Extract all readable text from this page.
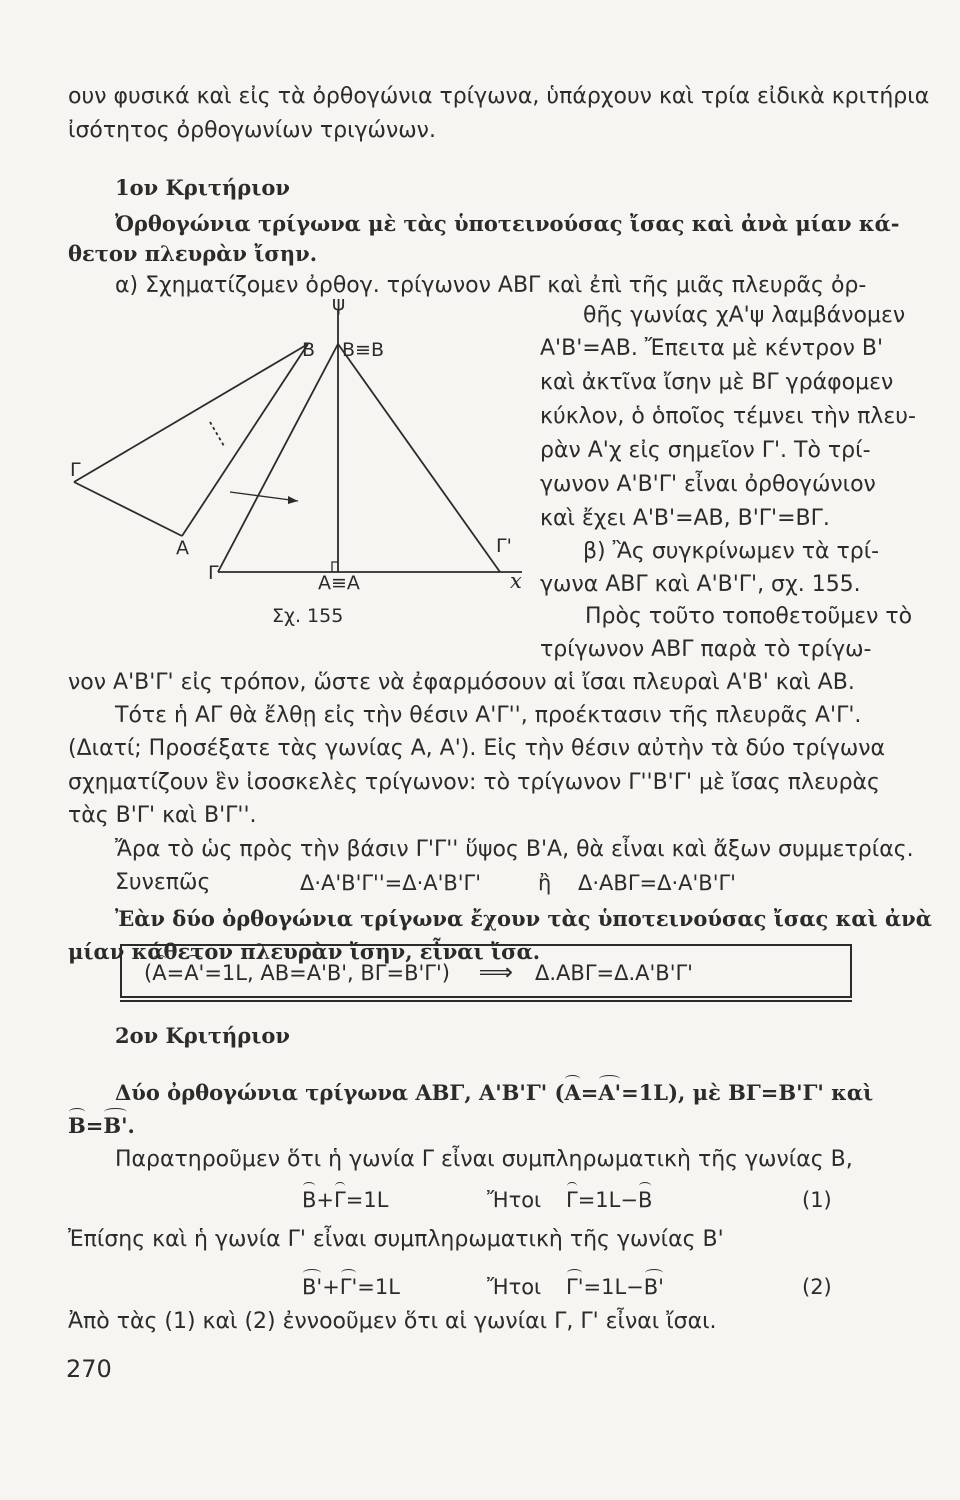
ουν φυσικά καὶ εἰς τὰ ὀρθογώνια τρίγωνα, ὑπάρχουν καὶ τρία εἰδικὰ κριτήρια
ἰσότητος ὀρθογωνίων τριγώνων.
1ον Κριτήριον
Ὀρθογώνια τρίγωνα μὲ τὰς ὑποτεινούσας ἴσας καὶ ἀνὰ μίαν κά-
θετον πλευρὰν ἴσην.
α) Σχηματίζομεν ὀρθογ. τρίγωνον ΑΒΓ καὶ ἐπὶ τῆς μιᾶς πλευρᾶς ὀρ-
θῆς γωνίας χΑ'ψ λαμβάνομεν
Α'Β'=ΑΒ. Ἔπειτα μὲ κέντρον Β'
καὶ ἀκτῖνα ἴσην μὲ ΒΓ γράφομεν
κύκλον, ὁ ὁποῖος τέμνει τὴν πλευ-
ρὰν Α'χ εἰς σημεῖον Γ'. Τὸ τρί-
γωνον Α'Β'Γ' εἶναι ὀρθογώνιον
καὶ ἔχει Α'Β'=ΑΒ, Β'Γ'=ΒΓ.
β) Ἂς συγκρίνωμεν τὰ τρί-
γωνα ΑΒΓ καὶ Α'Β'Γ', σχ. 155.
Πρὸς τοῦτο τοποθετοῦμεν τὸ
τρίγωνον ΑΒΓ παρὰ τὸ τρίγω-
ψ
Β Β≡Β
Γ
Α
Γ	Α≡Α
Γ'
x
Σχ. 155
νον Α'Β'Γ' εἰς τρόπον, ὥστε νὰ ἐφαρμόσουν αἱ ἴσαι πλευραὶ Α'Β' καὶ ΑΒ.
Τότε ἡ ΑΓ θὰ ἔλθῃ εἰς τὴν θέσιν Α'Γ'', προέκτασιν τῆς πλευρᾶς Α'Γ'.
(Διατί; Προσέξατε τὰς γωνίας Α, Α'). Εἰς τὴν θέσιν αὐτὴν τὰ δύο τρίγωνα
σχηματίζουν ἓν ἰσοσκελὲς τρίγωνον: τὸ τρίγωνον Γ''Β'Γ' μὲ ἴσας πλευρὰς
τὰς Β'Γ' καὶ Β'Γ''.
Ἄρα τὸ ὡς πρὸς τὴν βάσιν Γ'Γ'' ὕψος Β'Α, θὰ εἶναι καὶ ἄξων συμμετρίας.
Συνεπῶς	Δ·Α'Β'Γ''=Δ·Α'Β'Γ'	ἢ Δ·ΑΒΓ=Δ·Α'Β'Γ'
Ἐὰν δύο ὀρθογώνια τρίγωνα ἔχουν τὰς ὑποτεινούσας ἴσας καὶ ἀνὰ
μίαν κάθετον πλευρὰν ἴσην, εἶναι ἴσα.
(Α=Α'=1L, ΑΒ=Α'Β', ΒΓ=Β'Γ') ⟹ Δ.ΑΒΓ=Δ.Α'Β'Γ'
2ον Κριτήριον
Δύο ὀρθογώνια τρίγωνα ΑΒΓ, Α'Β'Γ' (Α=Α'=1L), μὲ ΒΓ=Β'Γ' καὶ
Β=Β'.
Παρατηροῦμεν ὅτι ἡ γωνία Γ εἶναι συμπληρωματικὴ τῆς γωνίας Β,
Β+Γ=1L	Ἤτοι Γ=1L−Β	(1)
Ἐπίσης καὶ ἡ γωνία Γ' εἶναι συμπληρωματικὴ τῆς γωνίας Β'
Β'+Γ'=1L	Ἤτοι Γ'=1L−Β'	(2)
Ἀπὸ τὰς (1) καὶ (2) ἐννοοῦμεν ὅτι αἱ γωνίαι Γ, Γ' εἶναι ἴσαι.
270
